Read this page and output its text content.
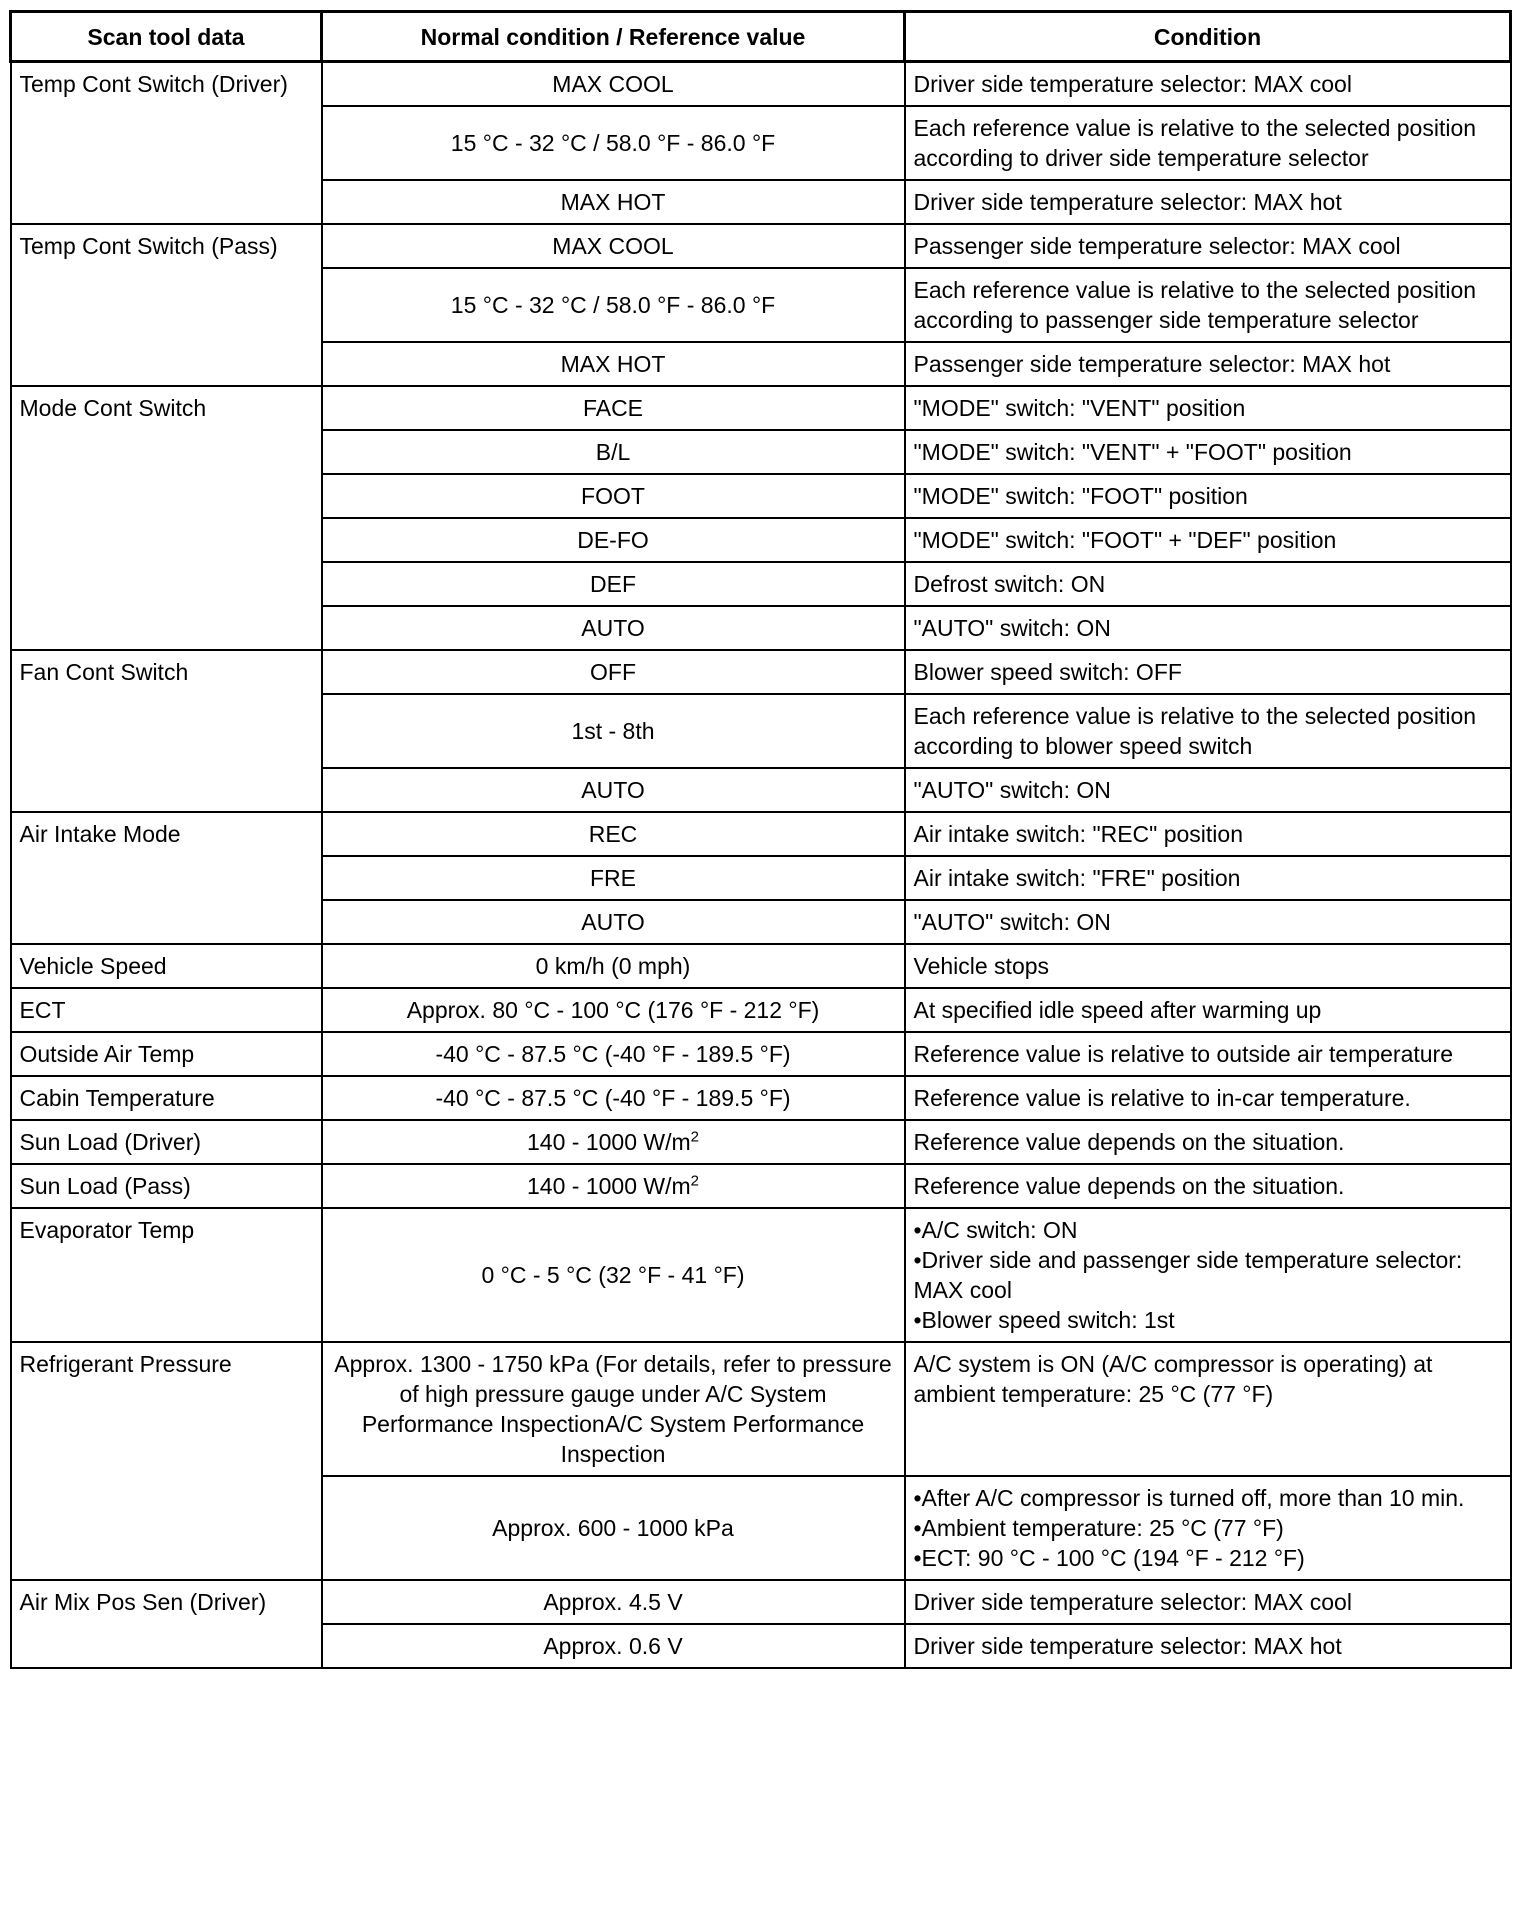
Scan tool data	Normal condition / Reference value	Condition
Temp Cont Switch (Driver)	MAX COOL	Driver side temperature selector: MAX cool

	15 °C - 32 °C / 58.0 °F - 86.0 °F	Each reference value is relative to the selected position according to driver side temperature selector

	MAX HOT	Driver side temperature selector: MAX hot

Temp Cont Switch (Pass)	MAX COOL	Passenger side temperature selector: MAX cool

	15 °C - 32 °C / 58.0 °F - 86.0 °F	Each reference value is relative to the selected position according to passenger side temperature selector

	MAX HOT	Passenger side temperature selector: MAX hot

Mode Cont Switch	FACE	"MODE" switch: "VENT" position

	B/L	"MODE" switch: "VENT" + "FOOT" position

	FOOT	"MODE" switch: "FOOT" position

	DE-FO	"MODE" switch: "FOOT" + "DEF" position

	DEF	Defrost switch: ON

	AUTO	"AUTO" switch: ON

Fan Cont Switch	OFF	Blower speed switch: OFF

	1st - 8th	Each reference value is relative to the selected position according to blower speed switch

	AUTO	"AUTO" switch: ON

Air Intake Mode	REC	Air intake switch: "REC" position

	FRE	Air intake switch: "FRE" position

	AUTO	"AUTO" switch: ON

Vehicle Speed	0 km/h (0 mph)	Vehicle stops

ECT	Approx. 80 °C - 100 °C (176 °F - 212 °F)	At specified idle speed after warming up

Outside Air Temp	-40 °C - 87.5 °C (-40 °F - 189.5 °F)	Reference value is relative to outside air temperature

Cabin Temperature	-40 °C - 87.5 °C (-40 °F - 189.5 °F)	Reference value is relative to in-car temperature.

Sun Load (Driver)	140 - 1000 $W/m^2$	Reference value depends on the situation.

Sun Load (Pass)	140 - 1000 $W/m^2$	Reference value depends on the situation.

Evaporator Temp	0 °C - 5 °C (32 °F - 41 °F)	•A/C switch: ON
•Driver side and passenger side temperature selector: MAX cool
•Blower speed switch: 1st

Refrigerant Pressure	Approx. 1300 - 1750 kPa (For details, refer to pressure of high pressure gauge under A/C System Performance InspectionA/C System Performance Inspection	A/C system is ON (A/C compressor is operating) at ambient temperature: 25 °C (77 °F)

	Approx. 600 - 1000 kPa	•After A/C compressor is turned off, more than 10 min.
•Ambient temperature: 25 °C (77 °F)
•ECT: 90 °C - 100 °C (194 °F - 212 °F)

Air Mix Pos Sen (Driver)	Approx. 4.5 V	Driver side temperature selector: MAX cool

	Approx. 0.6 V	Driver side temperature selector: MAX hot
